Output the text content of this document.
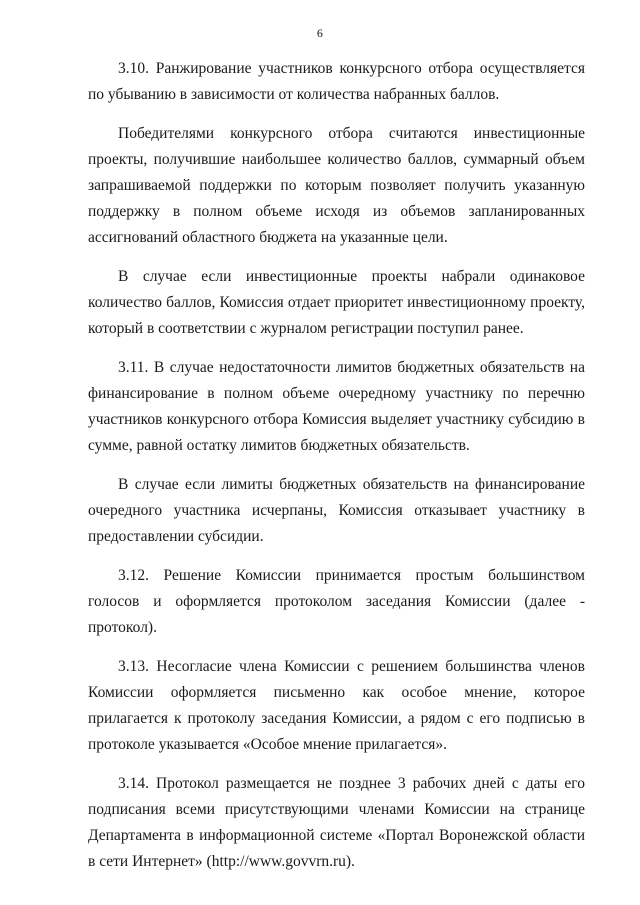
6

3.10. Ранжирование участников конкурсного отбора осуществляется по убыванию в зависимости от количества набранных баллов.

Победителями конкурсного отбора считаются инвестиционные проекты, получившие наибольшее количество баллов, суммарный объем запрашиваемой поддержки по которым позволяет получить указанную поддержку в полном объеме исходя из объемов запланированных ассигнований областного бюджета на указанные цели.

В случае если инвестиционные проекты набрали одинаковое количество баллов, Комиссия отдает приоритет инвестиционному проекту, который в соответствии с журналом регистрации поступил ранее.

3.11. В случае недостаточности лимитов бюджетных обязательств на финансирование в полном объеме очередному участнику по перечню участников конкурсного отбора Комиссия выделяет участнику субсидию в сумме, равной остатку лимитов бюджетных обязательств.

В случае если лимиты бюджетных обязательств на финансирование очередного участника исчерпаны, Комиссия отказывает участнику в предоставлении субсидии.

3.12. Решение Комиссии принимается простым большинством голосов и оформляется протоколом заседания Комиссии (далее - протокол).

3.13. Несогласие члена Комиссии с решением большинства членов Комиссии оформляется письменно как особое мнение, которое прилагается к протоколу заседания Комиссии, а рядом с его подписью в протоколе указывается «Особое мнение прилагается».

3.14. Протокол размещается не позднее 3 рабочих дней с даты его подписания всеми присутствующими членами Комиссии на странице Департамента в информационной системе «Портал Воронежской области в сети Интернет» (http://www.govvrn.ru).
